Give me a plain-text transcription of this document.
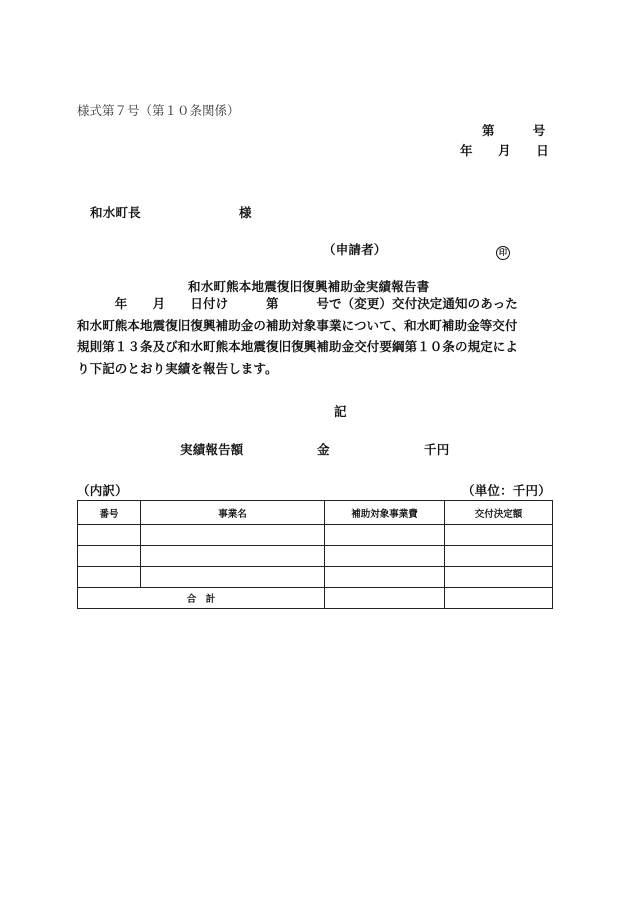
様式第７号（第１０条関係）
第　　　号
年　　月　　日
和水町長	様
（申請者）	印
和水町熊本地震復旧復興補助金実績報告書
　　　年　　月　　日付け　　　第　　　号で（変更）交付決定通知のあった
和水町熊本地震復旧復興補助金の補助対象事業について、和水町補助金等交付
規則第１３条及び和水町熊本地震復旧復興補助金交付要綱第１０条の規定によ
り下記のとおり実績を報告します。
記
実績報告額	金	千円
（内訳）	（単位：千円）
番号	事業名	補助対象事業費	交付決定額

合　計			
